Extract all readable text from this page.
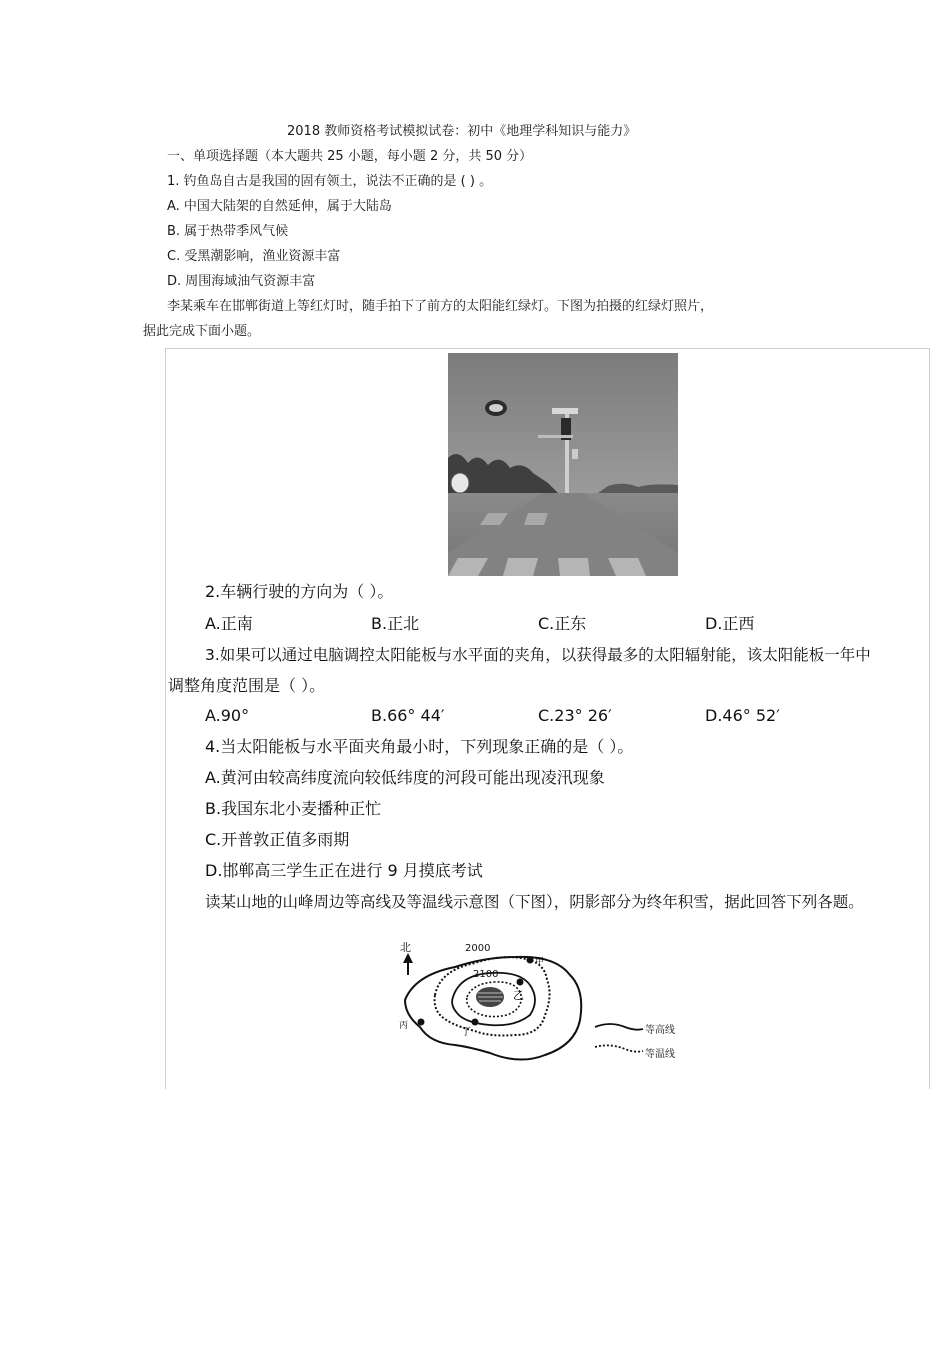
2018 教师资格考试模拟试卷：初中《地理学科知识与能力》
一、单项选择题（本大题共 25 小题，每小题 2 分，共 50 分）
1. 钓鱼岛自古是我国的固有领土，说法不正确的是 ( ) 。
A. 中国大陆架的自然延伸，属于大陆岛
B. 属于热带季风气候
C. 受黑潮影响，渔业资源丰富
D. 周围海域油气资源丰富
李某乘车在邯郸街道上等红灯时，随手拍下了前方的太阳能红绿灯。下图为拍摄的红绿灯照片，
据此完成下面小题。
2.车辆行驶的方向为（ ）。
A.正南	B.正北	C.正东	D.正西
3.如果可以通过电脑调控太阳能板与水平面的夹角，以获得最多的太阳辐射能，该太阳能板一年中
调整角度范围是（ ）。
A.90°	B.66° 44′	C.23° 26′	D.46° 52′
4.当太阳能板与水平面夹角最小时，下列现象正确的是（ ）。
A.黄河由较高纬度流向较低纬度的河段可能出现凌汛现象
B.我国东北小麦播种正忙
C.开普敦正值多雨期
D.邯郸高三学生正在进行 9 月摸底考试
读某山地的山峰周边等高线及等温线示意图（下图），阴影部分为终年积雪，据此回答下列各题。
北	2000
2100
甲
乙
丙
丁	等高线
等温线
